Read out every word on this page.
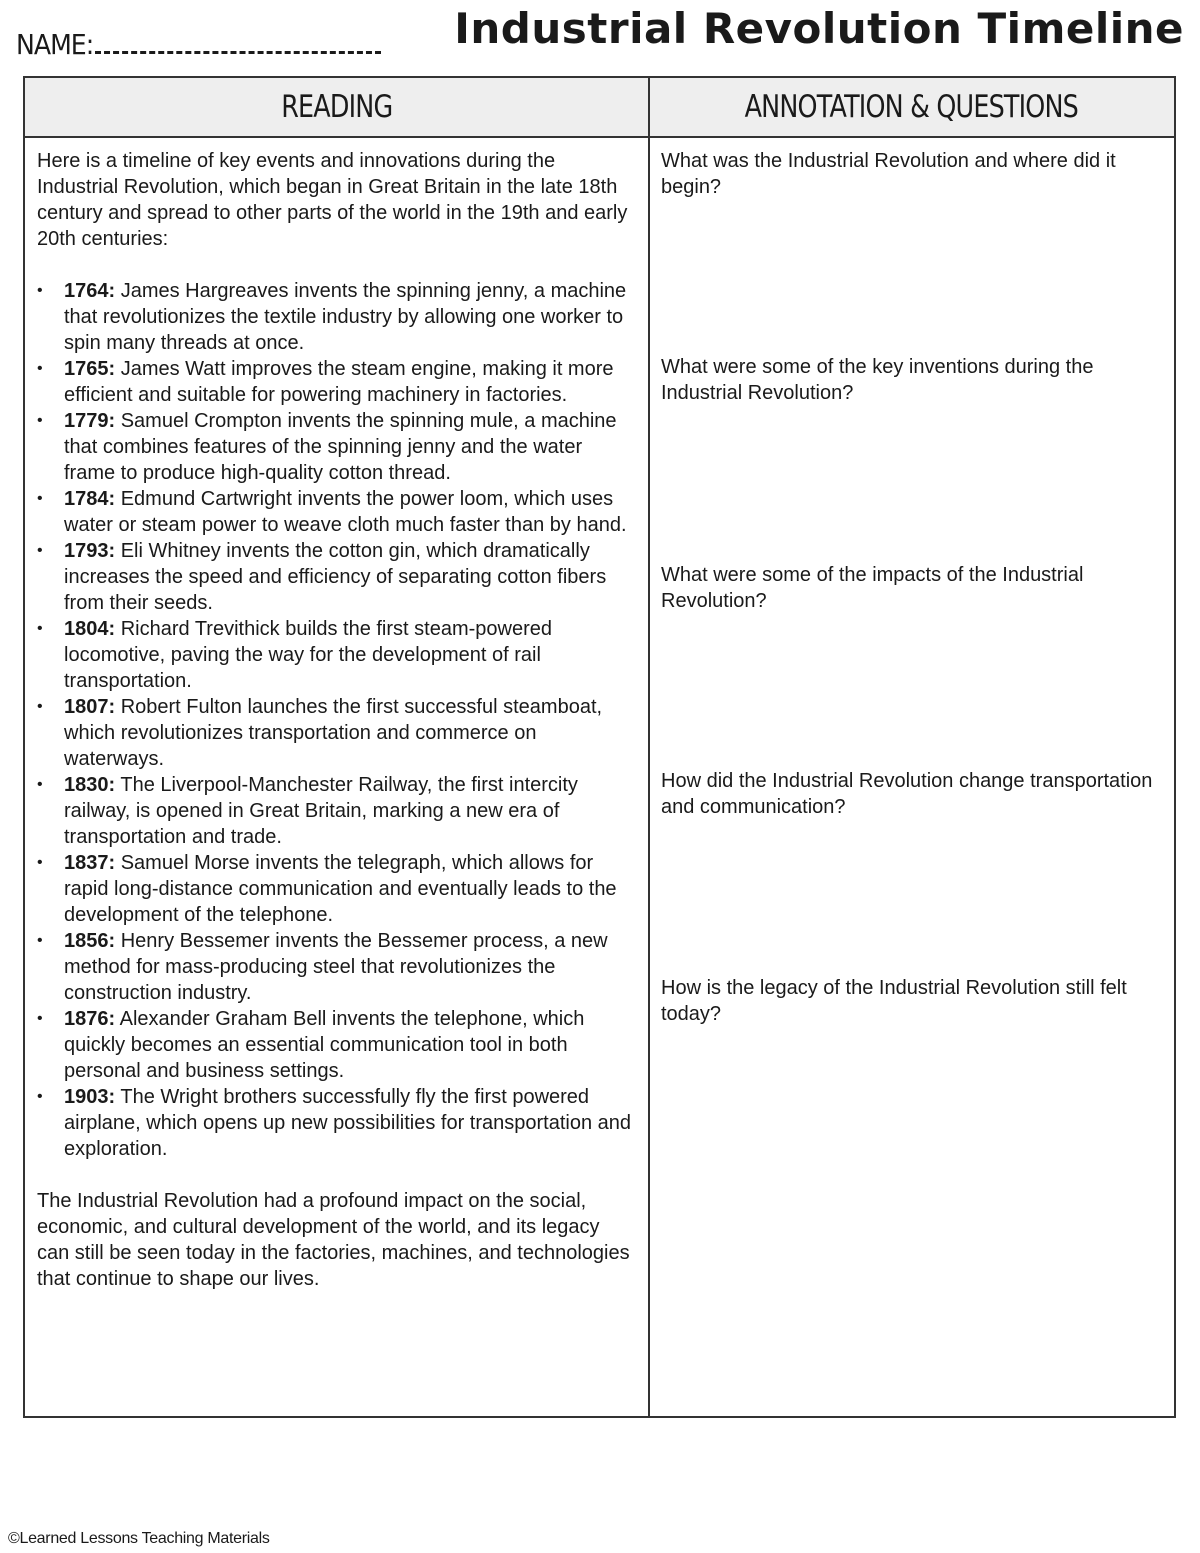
NAME:	Industrial Revolution Timeline
READING	ANNOTATION & QUESTIONS

Here is a timeline of key events and innovations during the Industrial Revolution, which began in Great Britain in the late 18th century and spread to other parts of the world in the 19th and early 20th centuries:

• 1764: James Hargreaves invents the spinning jenny, a machine that revolutionizes the textile industry by allowing one worker to spin many threads at once.
• 1765: James Watt improves the steam engine, making it more efficient and suitable for powering machinery in factories.
• 1779: Samuel Crompton invents the spinning mule, a machine that combines features of the spinning jenny and the water frame to produce high-quality cotton thread.
• 1784: Edmund Cartwright invents the power loom, which uses water or steam power to weave cloth much faster than by hand.
• 1793: Eli Whitney invents the cotton gin, which dramatically increases the speed and efficiency of separating cotton fibers from their seeds.
• 1804: Richard Trevithick builds the first steam-powered locomotive, paving the way for the development of rail transportation.
• 1807: Robert Fulton launches the first successful steamboat, which revolutionizes transportation and commerce on waterways.
• 1830: The Liverpool-Manchester Railway, the first intercity railway, is opened in Great Britain, marking a new era of transportation and trade.
• 1837: Samuel Morse invents the telegraph, which allows for rapid long-distance communication and eventually leads to the development of the telephone.
• 1856: Henry Bessemer invents the Bessemer process, a new method for mass-producing steel that revolutionizes the construction industry.
• 1876: Alexander Graham Bell invents the telephone, which quickly becomes an essential communication tool in both personal and business settings.
• 1903: The Wright brothers successfully fly the first powered airplane, which opens up new possibilities for transportation and exploration.

The Industrial Revolution had a profound impact on the social, economic, and cultural development of the world, and its legacy can still be seen today in the factories, machines, and technologies that continue to shape our lives.

What was the Industrial Revolution and where did it begin?
What were some of the key inventions during the Industrial Revolution?
What were some of the impacts of the Industrial Revolution?
How did the Industrial Revolution change transportation and communication?
How is the legacy of the Industrial Revolution still felt today?
©Learned Lessons Teaching Materials
